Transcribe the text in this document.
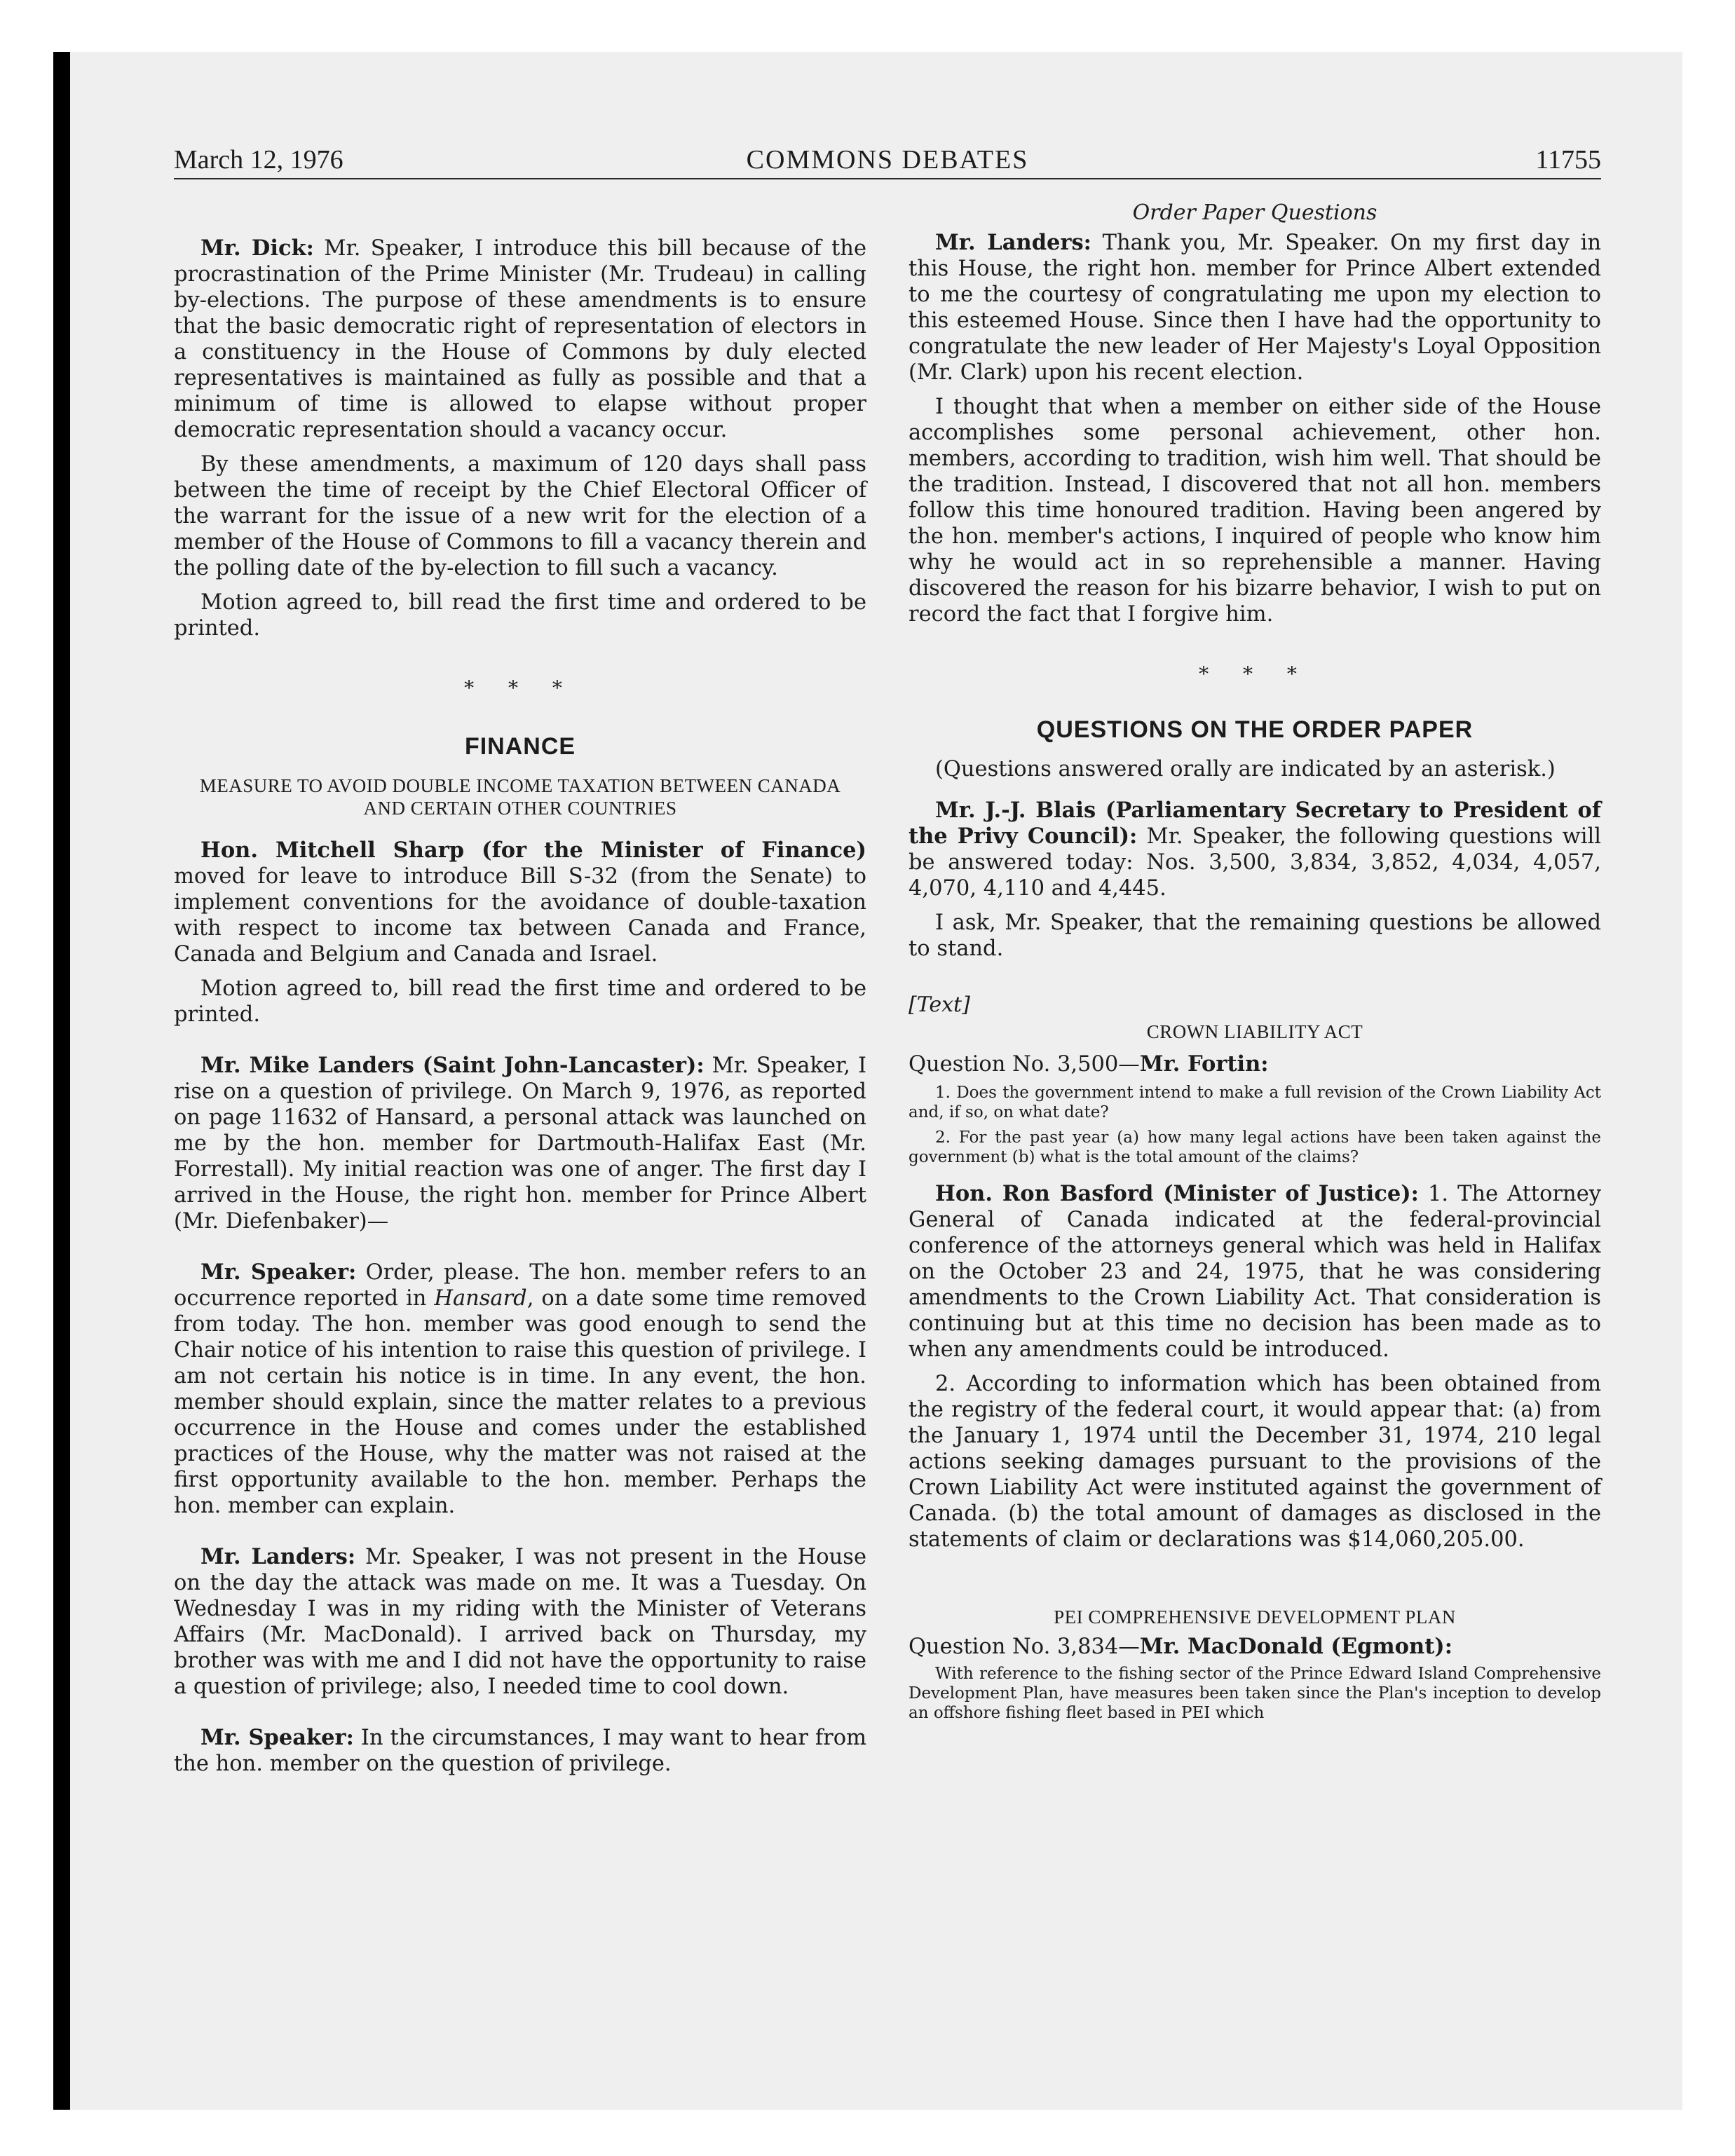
March 12, 1976	COMMONS DEBATES	11755

Mr. Dick: Mr. Speaker, I introduce this bill because of the procrastination of the Prime Minister (Mr. Trudeau) in calling by-elections. The purpose of these amendments is to ensure that the basic democratic right of representation of electors in a constituency in the House of Commons by duly elected representatives is maintained as fully as possible and that a minimum of time is allowed to elapse without proper democratic representation should a vacancy occur.

By these amendments, a maximum of 120 days shall pass between the time of receipt by the Chief Electoral Officer of the warrant for the issue of a new writ for the election of a member of the House of Commons to fill a vacancy therein and the polling date of the by-election to fill such a vacancy.

Motion agreed to, bill read the first time and ordered to be printed.

* * *
FINANCE
MEASURE TO AVOID DOUBLE INCOME TAXATION BETWEEN CANADA AND CERTAIN OTHER COUNTRIES

Hon. Mitchell Sharp (for the Minister of Finance) moved for leave to introduce Bill S-32 (from the Senate) to implement conventions for the avoidance of double-taxation with respect to income tax between Canada and France, Canada and Belgium and Canada and Israel.

Motion agreed to, bill read the first time and ordered to be printed.

Mr. Mike Landers (Saint John-Lancaster): Mr. Speaker, I rise on a question of privilege. On March 9, 1976, as reported on page 11632 of Hansard, a personal attack was launched on me by the hon. member for Dartmouth-Halifax East (Mr. Forrestall). My initial reaction was one of anger. The first day I arrived in the House, the right hon. member for Prince Albert (Mr. Diefenbaker)—

Mr. Speaker: Order, please. The hon. member refers to an occurrence reported in Hansard, on a date some time removed from today. The hon. member was good enough to send the Chair notice of his intention to raise this question of privilege. I am not certain his notice is in time. In any event, the hon. member should explain, since the matter relates to a previous occurrence in the House and comes under the established practices of the House, why the matter was not raised at the first opportunity available to the hon. member. Perhaps the hon. member can explain.

Mr. Landers: Mr. Speaker, I was not present in the House on the day the attack was made on me. It was a Tuesday. On Wednesday I was in my riding with the Minister of Veterans Affairs (Mr. MacDonald). I arrived back on Thursday, my brother was with me and I did not have the opportunity to raise a question of privilege; also, I needed time to cool down.

Mr. Speaker: In the circumstances, I may want to hear from the hon. member on the question of privilege.

Order Paper Questions

Mr. Landers: Thank you, Mr. Speaker. On my first day in this House, the right hon. member for Prince Albert extended to me the courtesy of congratulating me upon my election to this esteemed House. Since then I have had the opportunity to congratulate the new leader of Her Majesty's Loyal Opposition (Mr. Clark) upon his recent election.

I thought that when a member on either side of the House accomplishes some personal achievement, other hon. members, according to tradition, wish him well. That should be the tradition. Instead, I discovered that not all hon. members follow this time honoured tradition. Having been angered by the hon. member's actions, I inquired of people who know him why he would act in so reprehensible a manner. Having discovered the reason for his bizarre behavior, I wish to put on record the fact that I forgive him.

* * *
QUESTIONS ON THE ORDER PAPER

(Questions answered orally are indicated by an asterisk.)

Mr. J.-J. Blais (Parliamentary Secretary to President of the Privy Council): Mr. Speaker, the following questions will be answered today: Nos. 3,500, 3,834, 3,852, 4,034, 4,057, 4,070, 4,110 and 4,445.

I ask, Mr. Speaker, that the remaining questions be allowed to stand.

[Text]
CROWN LIABILITY ACT

Question No. 3,500—Mr. Fortin:

1. Does the government intend to make a full revision of the Crown Liability Act and, if so, on what date?

2. For the past year (a) how many legal actions have been taken against the government (b) what is the total amount of the claims?

Hon. Ron Basford (Minister of Justice): 1. The Attorney General of Canada indicated at the federal-provincial conference of the attorneys general which was held in Halifax on the October 23 and 24, 1975, that he was considering amendments to the Crown Liability Act. That consideration is continuing but at this time no decision has been made as to when any amendments could be introduced.

2. According to information which has been obtained from the registry of the federal court, it would appear that: (a) from the January 1, 1974 until the December 31, 1974, 210 legal actions seeking damages pursuant to the provisions of the Crown Liability Act were instituted against the government of Canada. (b) the total amount of damages as disclosed in the statements of claim or declarations was $14,060,205.00.

PEI COMPREHENSIVE DEVELOPMENT PLAN

Question No. 3,834—Mr. MacDonald (Egmont):

With reference to the fishing sector of the Prince Edward Island Comprehensive Development Plan, have measures been taken since the Plan's inception to develop an offshore fishing fleet based in PEI which
